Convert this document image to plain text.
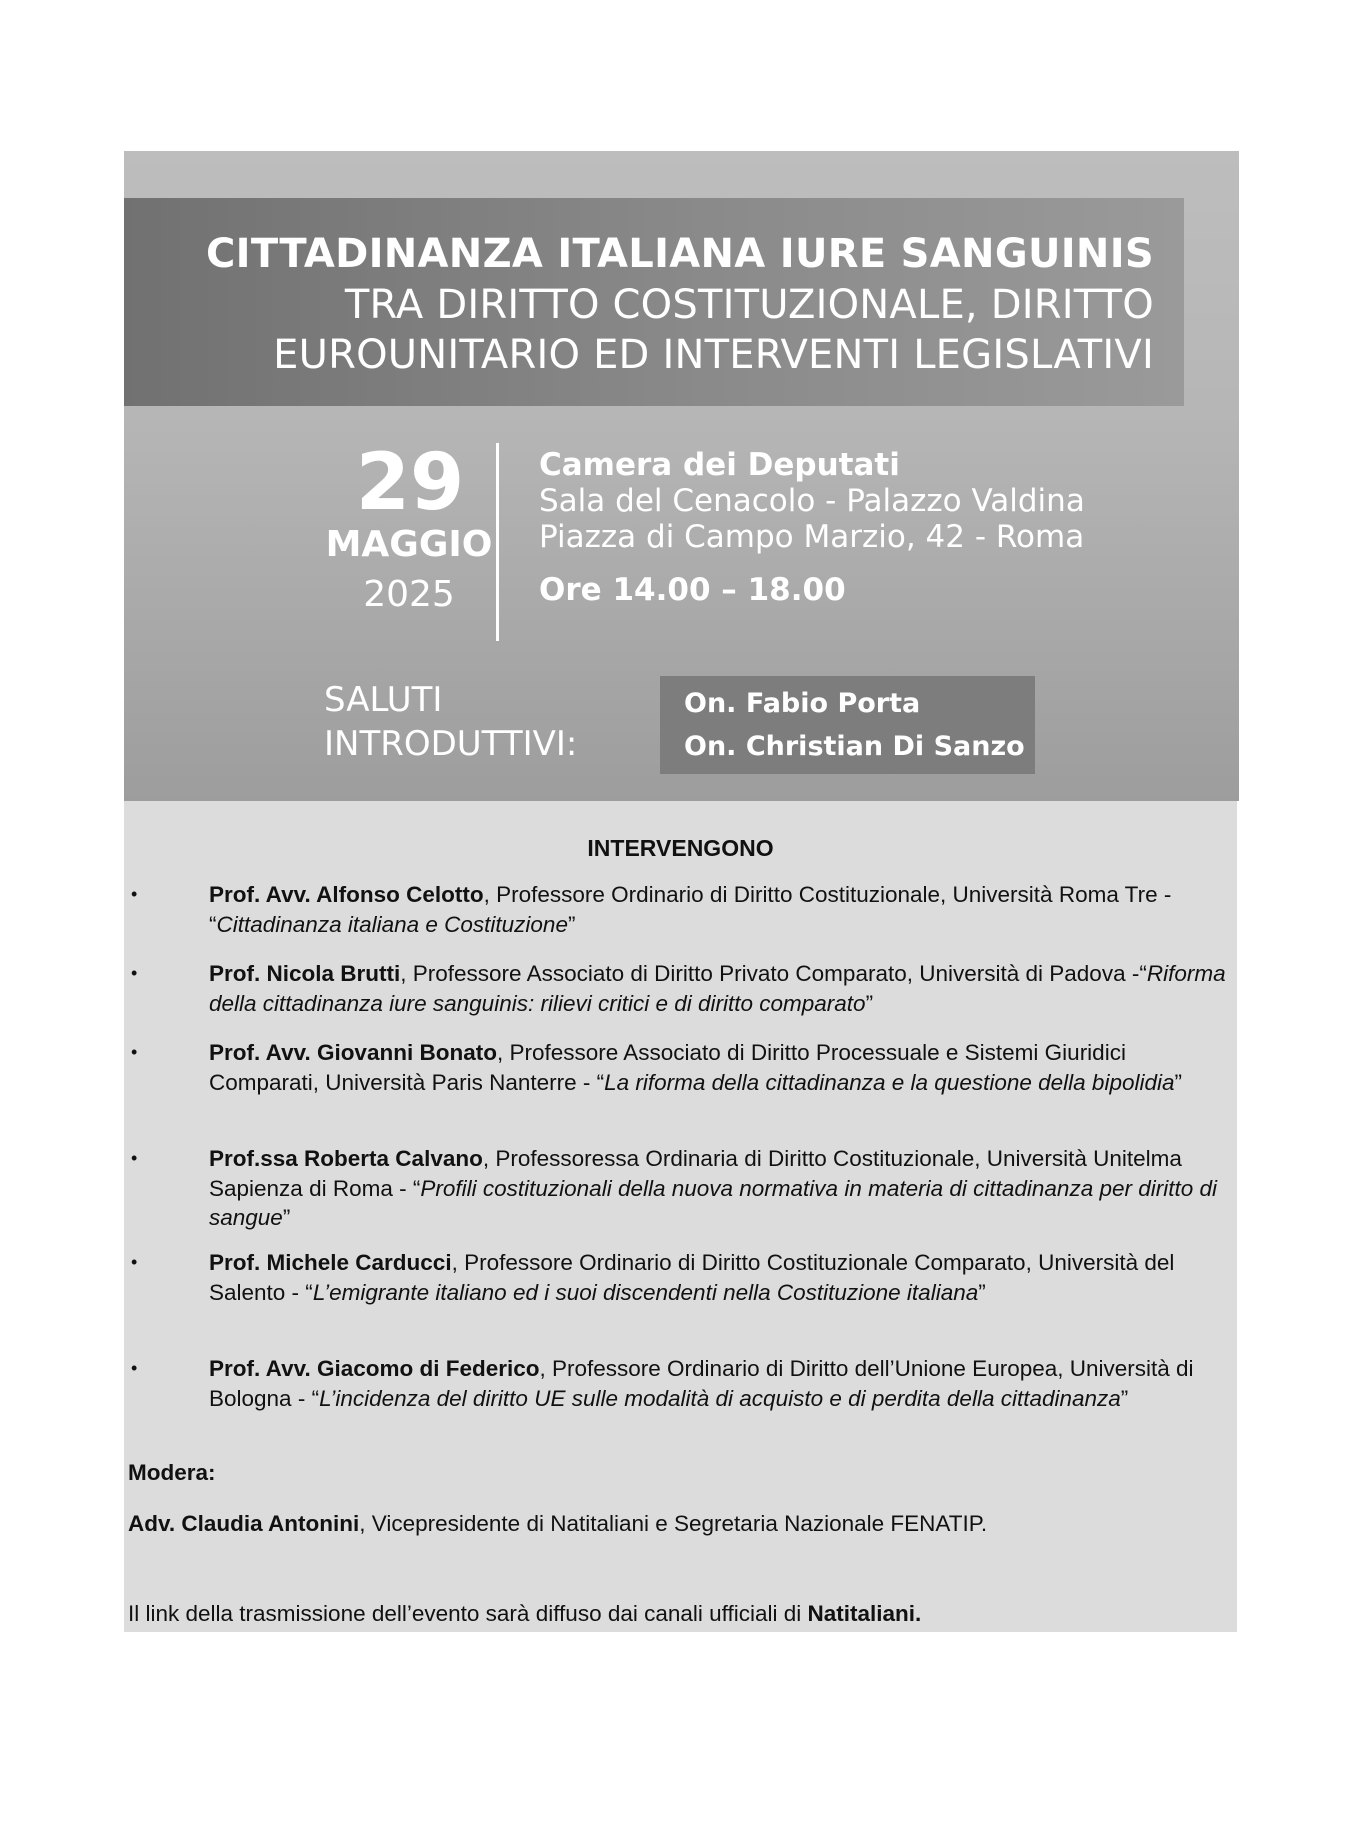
CITTADINANZA ITALIANA IURE SANGUINIS
TRA DIRITTO COSTITUZIONALE, DIRITTO
EUROUNITARIO ED INTERVENTI LEGISLATIVI
29
MAGGIO
2025
Camera dei Deputati
Sala del Cenacolo - Palazzo Valdina
Piazza di Campo Marzio, 42 - Roma
Ore 14.00 – 18.00
SALUTI
INTRODUTTIVI:
On. Fabio Porta
On. Christian Di Sanzo
INTERVENGONO
•	Prof. Avv. Alfonso Celotto, Professore Ordinario di Diritto Costituzionale, Università Roma Tre - “Cittadinanza italiana e Costituzione”
•	Prof. Nicola Brutti, Professore Associato di Diritto Privato Comparato, Università di Padova -“Riforma della cittadinanza iure sanguinis: rilievi critici e di diritto comparato”
•	Prof. Avv. Giovanni Bonato, Professore Associato di Diritto Processuale e Sistemi Giuridici Comparati, Università Paris Nanterre - “La riforma della cittadinanza e la questione della bipolidia”
•	Prof.ssa Roberta Calvano, Professoressa Ordinaria di Diritto Costituzionale, Università Unitelma Sapienza di Roma - “Profili costituzionali della nuova normativa in materia di cittadinanza per diritto di sangue”
•	Prof. Michele Carducci, Professore Ordinario di Diritto Costituzionale Comparato, Università del Salento - “L’emigrante italiano ed i suoi discendenti nella Costituzione italiana”
•	Prof. Avv. Giacomo di Federico, Professore Ordinario di Diritto dell’Unione Europea, Università di Bologna - “L’incidenza del diritto UE sulle modalità di acquisto e di perdita della cittadinanza”
Modera:
Adv. Claudia Antonini, Vicepresidente di Natitaliani e Segretaria Nazionale FENATIP.
Il link della trasmissione dell’evento sarà diffuso dai canali ufficiali di Natitaliani.
